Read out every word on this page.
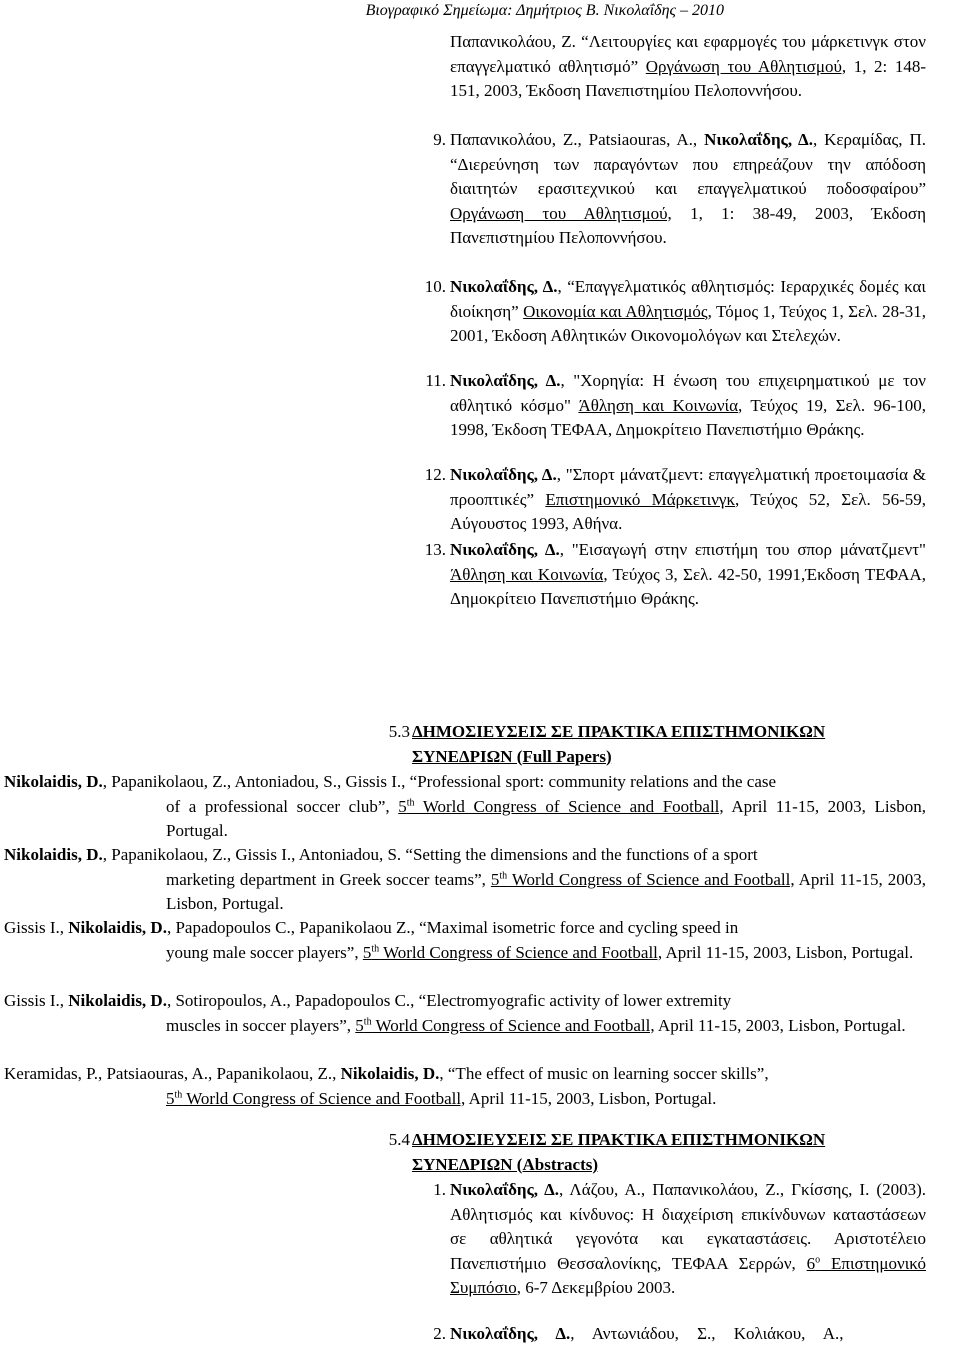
Βιογραφικό Σημείωμα: Δημήτριος Β. Νικολαΐδης – 2010
Παπανικολάου, Ζ. “Λειτουργίες και εφαρμογές του μάρκετινγκ στον επαγγελματικό αθλητισμό” Οργάνωση του Αθλητισμού, 1, 2: 148-151, 2003, Έκδοση Πανεπιστημίου Πελοποννήσου.
9. Παπανικολάου, Ζ., Patsiaouras, A., Νικολαΐδης, Δ., Κεραμίδας, Π. “Διερεύνηση των παραγόντων που επηρεάζουν την απόδοση διαιτητών ερασιτεχνικού και επαγγελματικού ποδοσφαίρου” Οργάνωση του Αθλητισμού, 1, 1: 38-49, 2003, Έκδοση Πανεπιστημίου Πελοποννήσου.
10. Νικολαΐδης, Δ., “Επαγγελματικός αθλητισμός: Ιεραρχικές δομές και διοίκηση” Οικονομία και Αθλητισμός, Τόμος 1, Τεύχος 1, Σελ. 28-31, 2001, Έκδοση Αθλητικών Οικονομολόγων και Στελεχών.
11. Νικολαΐδης, Δ., "Χορηγία: Η ένωση του επιχειρηματικού με τον αθλητικό κόσμο" Άθληση και Κοινωνία, Τεύχος 19, Σελ. 96-100, 1998, Έκδοση ΤΕΦΑΑ, Δημοκρίτειο Πανεπιστήμιο Θράκης.
12. Νικολαΐδης, Δ., "Σπορτ μάνατζμεντ: επαγγελματική προετοιμασία & προοπτικές” Επιστημονικό Μάρκετινγκ, Τεύχος 52, Σελ. 56-59, Αύγουστος 1993, Αθήνα.
13. Νικολαΐδης, Δ., "Εισαγωγή στην επιστήμη του σπορ μάνατζμεντ" Άθληση και Κοινωνία, Τεύχος 3, Σελ. 42-50, 1991,Έκδοση ΤΕΦΑΑ, Δημοκρίτειο Πανεπιστήμιο Θράκης.
5.3 ΔΗΜΟΣΙΕΥΣΕΙΣ ΣΕ ΠΡΑΚΤΙΚΑ ΕΠΙΣΤΗΜΟΝΙΚΩΝ
ΣΥΝΕΔΡΙΩΝ (Full Papers)
Nikolaidis, D., Papanikolaou, Z., Antoniadou, S., Gissis I., “Professional sport: community relations and the case
of a professional soccer club”, 5th World Congress of Science and Football, April 11-15, 2003, Lisbon, Portugal.
Nikolaidis, D., Papanikolaou, Z., Gissis I., Antoniadou, S. “Setting the dimensions and the functions of a sport
marketing department in Greek soccer teams”, 5th World Congress of Science and Football, April 11-15, 2003, Lisbon, Portugal.
Gissis I., Nikolaidis, D., Papadopoulos C., Papanikolaou Z., “Maximal isometric force and cycling speed in
young male soccer players”, 5th World Congress of Science and Football, April 11-15, 2003, Lisbon, Portugal.
Gissis I., Nikolaidis, D., Sotiropoulos, A., Papadopoulos C., “Electromyografic activity of lower extremity
muscles in soccer players”, 5th World Congress of Science and Football, April 11-15, 2003, Lisbon, Portugal.
Keramidas, P., Patsiaouras, A., Papanikolaou, Z., Nikolaidis, D., “The effect of music on learning soccer skills”,
5th World Congress of Science and Football, April 11-15, 2003, Lisbon, Portugal.
5.4 ΔΗΜΟΣΙΕΥΣΕΙΣ ΣΕ ΠΡΑΚΤΙΚΑ ΕΠΙΣΤΗΜΟΝΙΚΩΝ
ΣΥΝΕΔΡΙΩΝ (Abstracts)
1. Νικολαΐδης, Δ., Λάζου, Α., Παπανικολάου, Ζ., Γκίσσης, Ι. (2003). Αθλητισμός και κίνδυνος: Η διαχείριση επικίνδυνων καταστάσεων σε αθλητικά γεγονότα και εγκαταστάσεις. Αριστοτέλειο Πανεπιστήμιο Θεσσαλονίκης, ΤΕΦΑΑ Σερρών, $6^o$ Επιστημονικό Συμπόσιο, 6-7 Δεκεμβρίου 2003.
2. Νικολαΐδης, Δ., Αντωνιάδου, Σ., Κολιάκου, Α.,
